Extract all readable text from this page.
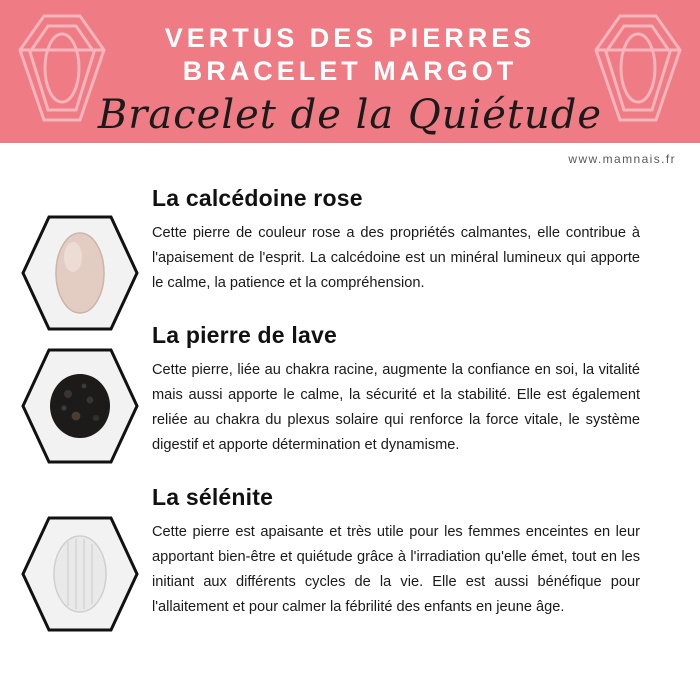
VERTUS DES PIERRES
BRACELET MARGOT
Bracelet de la Quiétude
www.mamnais.fr
La calcédoine rose
Cette pierre de couleur rose a des propriétés calmantes, elle contribue à l'apaisement de l'esprit. La calcédoine est un minéral lumineux qui apporte le calme, la patience et la compréhension.
La pierre de lave
Cette pierre, liée au chakra racine, augmente la confiance en soi, la vitalité mais aussi apporte le calme, la sécurité et la stabilité. Elle est également reliée au chakra du plexus solaire qui renforce la force vitale, le système digestif et apporte détermination et dynamisme.
La sélénite
Cette pierre est apaisante et très utile pour les femmes enceintes en leur apportant bien-être et quiétude grâce à l'irradiation qu'elle émet, tout en les initiant aux différents cycles de la vie. Elle est aussi bénéfique pour l'allaitement et pour calmer la fébrilité des enfants en jeune âge.
